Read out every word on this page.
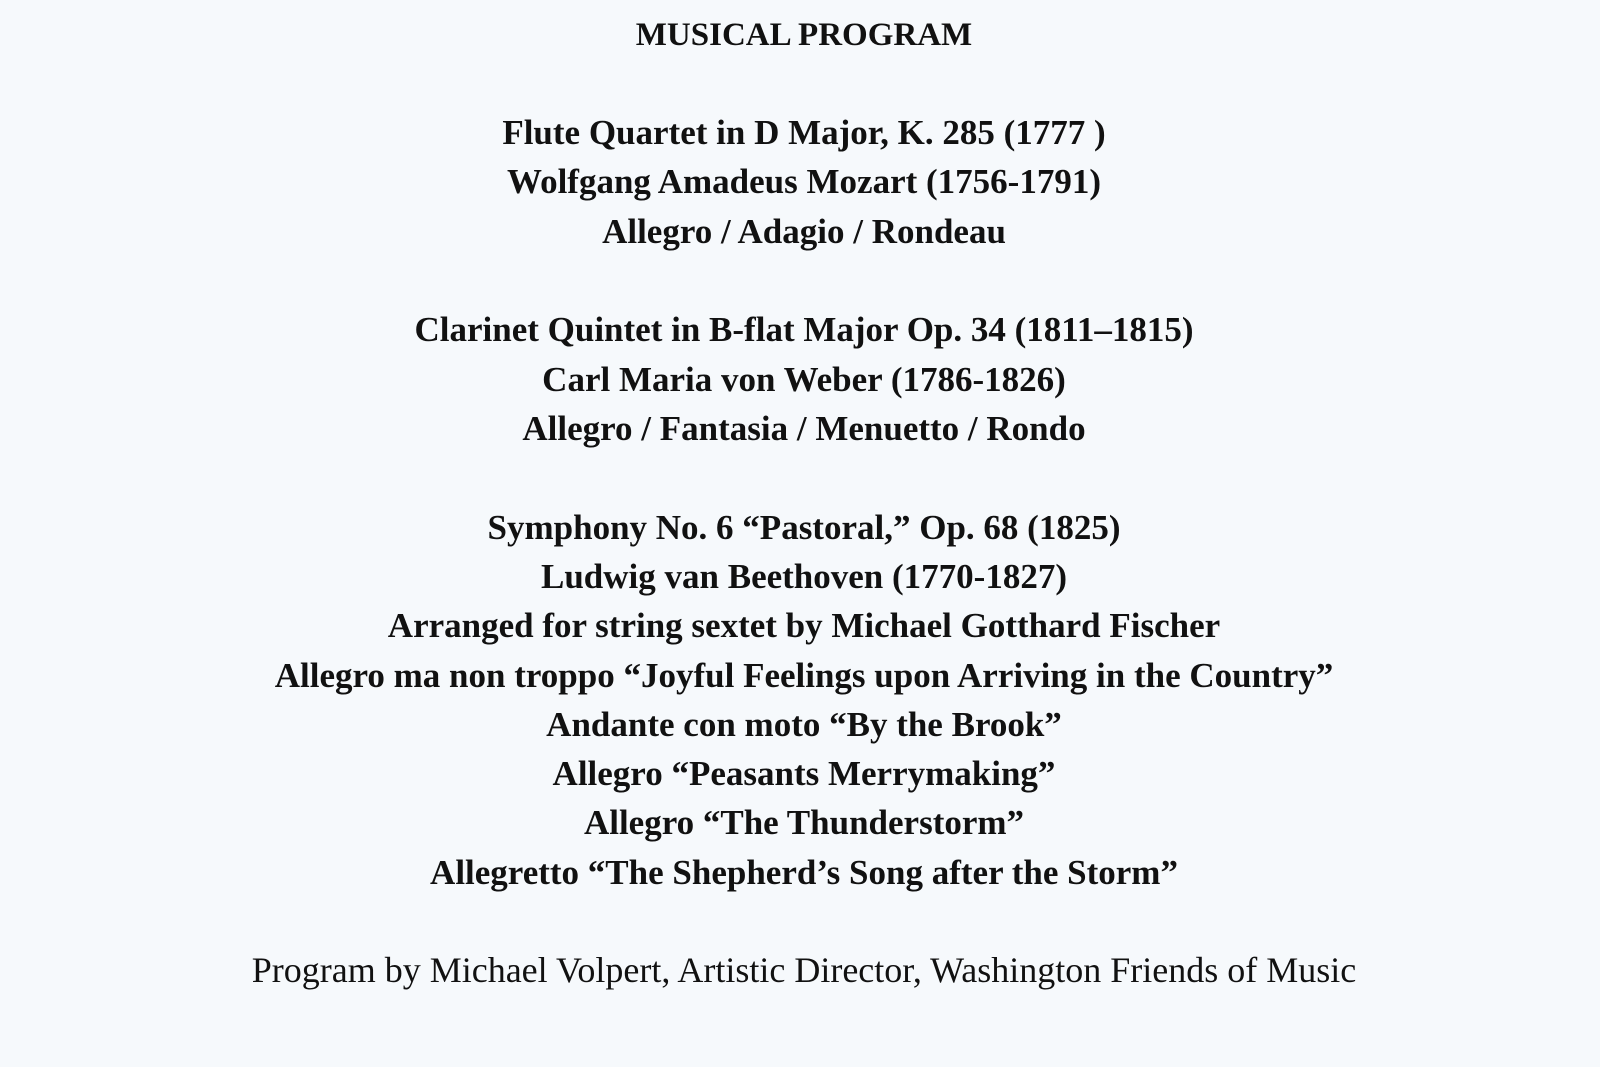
MUSICAL PROGRAM
Flute Quartet in D Major, K. 285 (1777 )
Wolfgang Amadeus Mozart (1756-1791)
Allegro / Adagio / Rondeau
Clarinet Quintet in B-flat Major Op. 34 (1811–1815)
Carl Maria von Weber (1786-1826)
Allegro / Fantasia / Menuetto / Rondo
Symphony No. 6 “Pastoral,” Op. 68 (1825)
Ludwig van Beethoven (1770-1827)
Arranged for string sextet by Michael Gotthard Fischer
Allegro ma non troppo “Joyful Feelings upon Arriving in the Country”
Andante con moto “By the Brook”
Allegro “Peasants Merrymaking”
Allegro “The Thunderstorm”
Allegretto “The Shepherd’s Song after the Storm”
Program by Michael Volpert, Artistic Director, Washington Friends of Music
